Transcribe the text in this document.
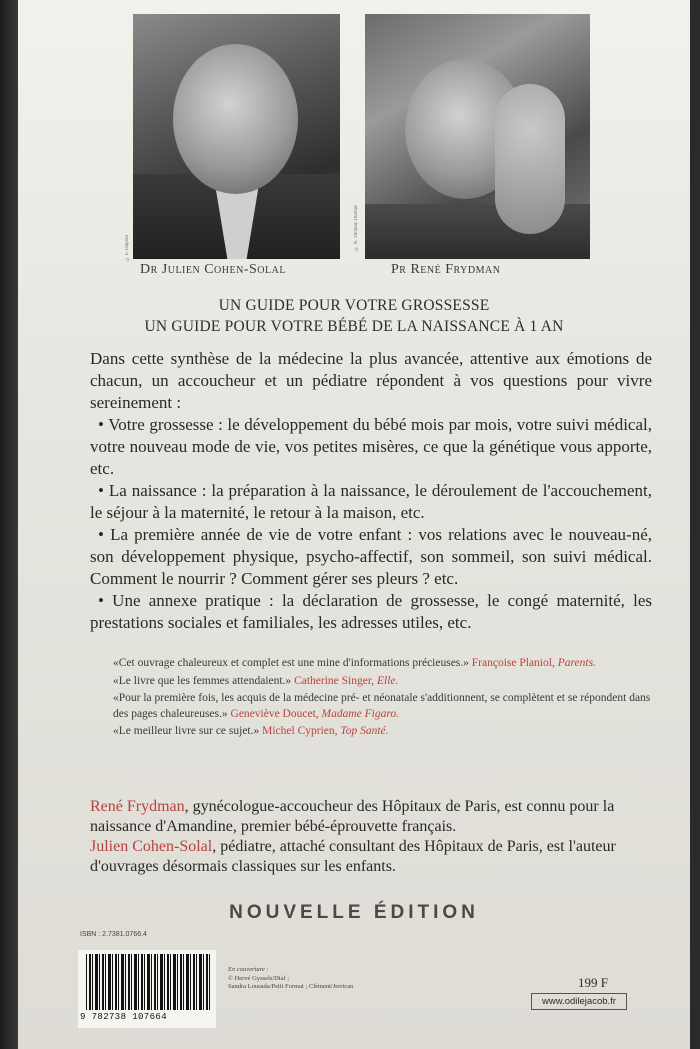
© F. Dupont	© A. Thomas Thomas
Dr Julien Cohen-Solal	Pr René Frydman
UN GUIDE POUR VOTRE GROSSESSE
UN GUIDE POUR VOTRE BÉBÉ DE LA NAISSANCE À 1 AN

Dans cette synthèse de la médecine la plus avancée, attentive aux émotions de chacun, un accoucheur et un pédiatre répondent à vos questions pour vivre sereinement :

• Votre grossesse : le développement du bébé mois par mois, votre suivi médical, votre nouveau mode de vie, vos petites misères, ce que la génétique vous apporte, etc.

• La naissance : la préparation à la naissance, le déroulement de l'accouchement, le séjour à la maternité, le retour à la maison, etc.

• La première année de vie de votre enfant : vos relations avec le nouveau-né, son développement physique, psycho-affectif, son sommeil, son suivi médical. Comment le nourrir ? Comment gérer ses pleurs ? etc.

• Une annexe pratique : la déclaration de grossesse, le congé maternité, les prestations sociales et familiales, les adresses utiles, etc.

«Cet ouvrage chaleureux et complet est une mine d'informations précieuses.» Françoise Planiol, Parents.
«Le livre que les femmes attendaient.» Catherine Singer, Elle.
«Pour la première fois, les acquis de la médecine pré- et néonatale s'additionnent, se complètent et se répondent dans des pages chaleureuses.» Geneviève Doucet, Madame Figaro.
«Le meilleur livre sur ce sujet.» Michel Cyprien, Top Santé.
René Frydman, gynécologue-accoucheur des Hôpitaux de Paris, est connu pour la naissance d'Amandine, premier bébé-éprouvette français.
Julien Cohen-Solal, pédiatre, attaché consultant des Hôpitaux de Paris, est l'auteur d'ouvrages désormais classiques sur les enfants.
NOUVELLE ÉDITION
ISBN : 2.7381.0766.4
9 782738 107664
En couverture :
© Hervé Gyssels/Diaf ;
Sandra Lousada/Petit Format ; Clément/Jerrican	199 F
www.odilejacob.fr
